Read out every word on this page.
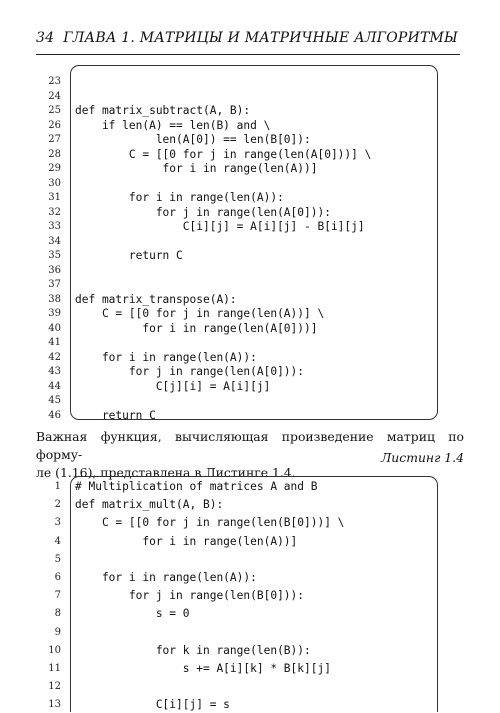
34 ГЛАВА 1. МАТРИЦЫ И МАТРИЧНЫЕ АЛГОРИТМЫ
23
24
25 def matrix_subtract(A, B):
26 if len(A) == len(B) and \
27 len(A[0]) == len(B[0]):
28 C = [[0 for j in range(len(A[0]))] \
29 for i in range(len(A))]
30
31 for i in range(len(A)):
32 for j in range(len(A[0])):
33 C[i][j] = A[i][j] - B[i][j]
34
35 return C
36
37
38 def matrix_transpose(A):
39 C = [[0 for j in range(len(A))] \
40 for i in range(len(A[0]))]
41
42 for i in range(len(A)):
43 for j in range(len(A[0])):
44 C[j][i] = A[i][j]
45
46 return C
Важная функция, вычисляющая произведение матриц по форму-
ле (1.16), представлена в Листинге 1.4.
Листинг 1.4
1 # Multiplication of matrices A and B
2 def matrix_mult(A, B):
3 C = [[0 for j in range(len(B[0]))] \
4 for i in range(len(A))]
5
6 for i in range(len(A)):
7 for j in range(len(B[0])):
8 s = 0
9
10 for k in range(len(B)):
11 s += A[i][k] * B[k][j]
12
13 C[i][j] = s
